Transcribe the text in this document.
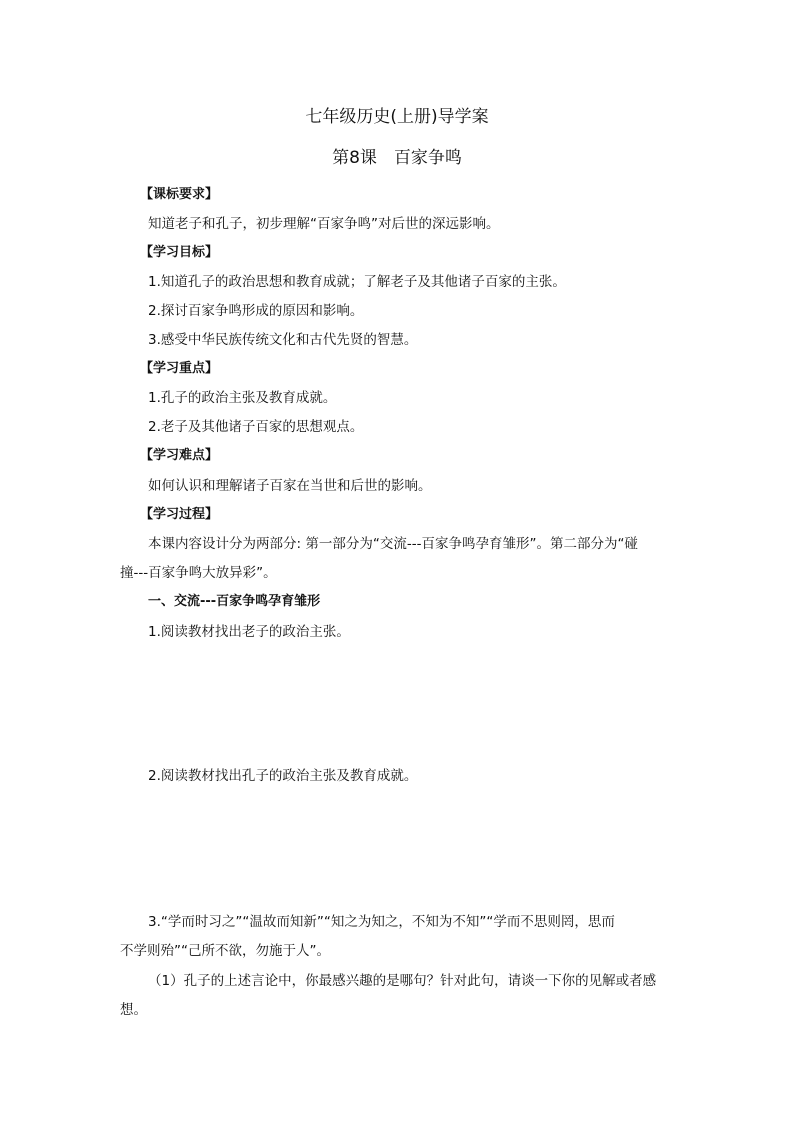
七年级历史(上册)导学案
第8课　百家争鸣
【课标要求】
知道老子和孔子，初步理解“百家争鸣”对后世的深远影响。
【学习目标】
1.知道孔子的政治思想和教育成就；了解老子及其他诸子百家的主张。
2.探讨百家争鸣形成的原因和影响。
3.感受中华民族传统文化和古代先贤的智慧。
【学习重点】
1.孔子的政治主张及教育成就。
2.老子及其他诸子百家的思想观点。
【学习难点】
如何认识和理解诸子百家在当世和后世的影响。
【学习过程】
本课内容设计分为两部分: 第一部分为“交流---百家争鸣孕育雏形”。第二部分为“碰
撞---百家争鸣大放异彩”。
一、交流---百家争鸣孕育雏形
1.阅读教材找出老子的政治主张。
2.阅读教材找出孔子的政治主张及教育成就。
3.“学而时习之”“温故而知新”“知之为知之，不知为不知”“学而不思则罔，思而
不学则殆”“己所不欲，勿施于人”。
（1）孔子的上述言论中，你最感兴趣的是哪句？针对此句，请谈一下你的见解或者感
想。
